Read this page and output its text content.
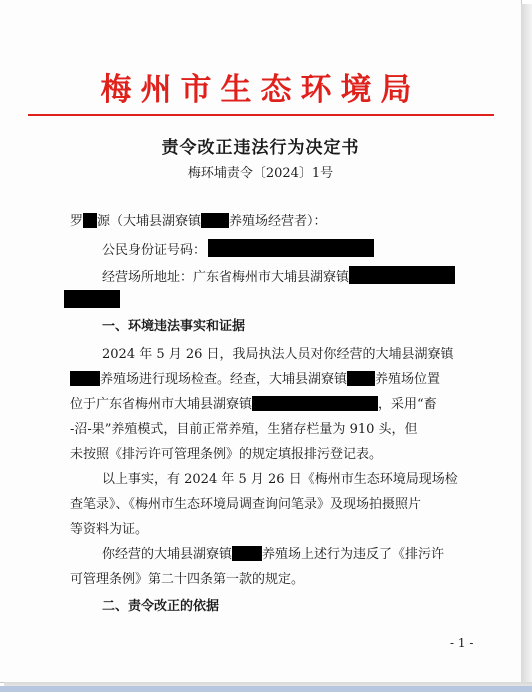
梅州市生态环境局
责令改正违法行为决定书
梅环埔责令〔2024〕1号
罗 源（大埔县湖寮镇 养殖场经营者）：
公民身份证号码：
经营场所地址：广东省梅州市大埔县湖寮镇
一、环境违法事实和证据
2024 年 5 月 26 日，我局执法人员对你经营的大埔县湖寮镇
养殖场进行现场检查。经查，大埔县湖寮镇 养殖场位置
位于广东省梅州市大埔县湖寮镇	，采用“畜
-沼-果”养殖模式，目前正常养殖，生猪存栏量为 910 头，但
未按照《排污许可管理条例》的规定填报排污登记表。
以上事实，有 2024 年 5 月 26 日《梅州市生态环境局现场检
查笔录》、《梅州市生态环境局调查询问笔录》及现场拍摄照片
等资料为证。
你经营的大埔县湖寮镇 养殖场上述行为违反了《排污许
可管理条例》第二十四条第一款的规定。
二、责令改正的依据
- 1 -
